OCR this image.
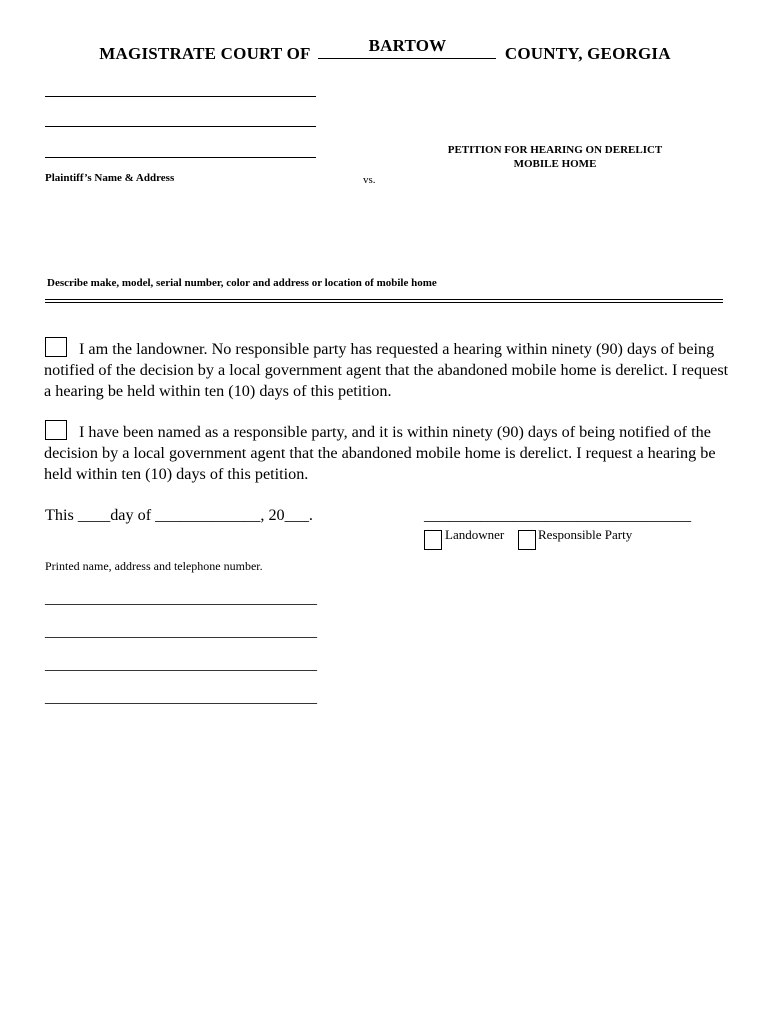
MAGISTRATE COURT OF	BARTOW	COUNTY, GEORGIA
Plaintiff’s Name & Address	vs.
PETITION FOR HEARING ON DERELICT
MOBILE HOME
Describe make, model, serial number, color and address or location of mobile home
I am the landowner. No responsible party has requested a hearing within ninety (90) days of being notified of the decision by a local government agent that the abandoned mobile home is derelict. I request a hearing be held within ten (10) days of this petition.
I have been named as a responsible party, and it is within ninety (90) days of being notified of the decision by a local government agent that the abandoned mobile home is derelict. I request a hearing be held within ten (10) days of this petition.
This ____day of _____________, 20___.	_________________________________
Landowner	Responsible Party
Printed name, address and telephone number.
__________________________________
__________________________________
__________________________________
__________________________________
